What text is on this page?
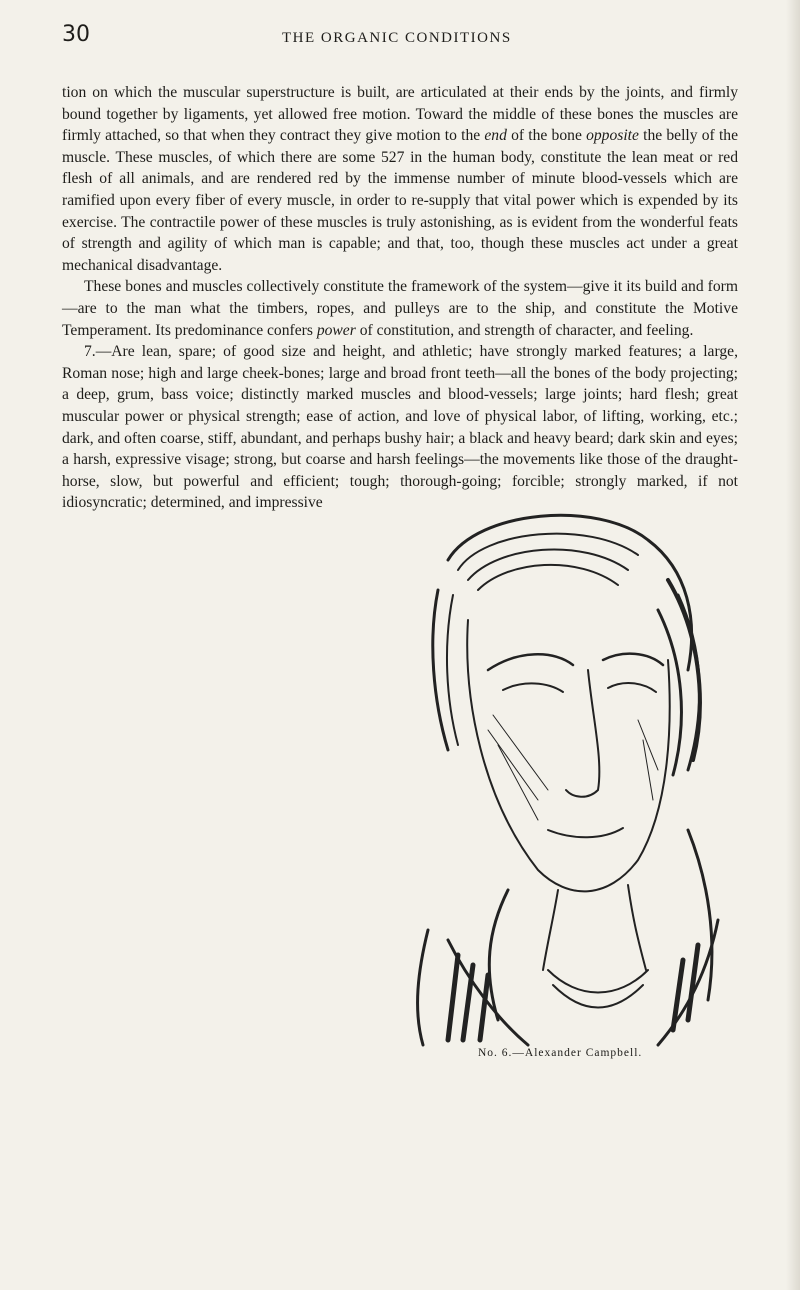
30	THE ORGANIC CONDITIONS

tion on which the muscular superstructure is built, are articulated at their ends by the joints, and firmly bound together by ligaments, yet allowed free motion. Toward the middle of these bones the muscles are firmly attached, so that when they contract they give motion to the end of the bone opposite the belly of the muscle. These muscles, of which there are some 527 in the human body, constitute the lean meat or red flesh of all animals, and are rendered red by the immense number of minute blood-vessels which are ramified upon every fiber of every muscle, in order to re-supply that vital power which is expended by its exercise. The contractile power of these muscles is truly astonishing, as is evident from the wonderful feats of strength and agility of which man is capable; and that, too, though these muscles act under a great mechanical disadvantage.

These bones and muscles collectively constitute the framework of the system—give it its build and form—are to the man what the timbers, ropes, and pulleys are to the ship, and constitute the Motive Temperament. Its predominance confers power of constitution, and strength of character, and feeling.

7.—Are lean, spare; of good size and height, and athletic; have strongly marked features; a large, Roman nose; high and large cheek-bones; large and broad front teeth—all the bones of the body projecting; a deep, grum, bass voice; distinctly marked muscles and blood-vessels; large joints; hard flesh; great muscular power or physical strength; ease of action, and love of physical labor, of lifting, working, etc.; dark, and often coarse, stiff, abundant, and perhaps bushy hair; a black and heavy beard; dark skin and eyes; a harsh, expressive visage; strong, but coarse and harsh feelings—the movements like those of the draught-horse, slow, but powerful and efficient; tough; thorough-going; forcible; strongly marked, if not idiosyncratic; determined, and impressive

No. 6.—Alexander Campbell.
